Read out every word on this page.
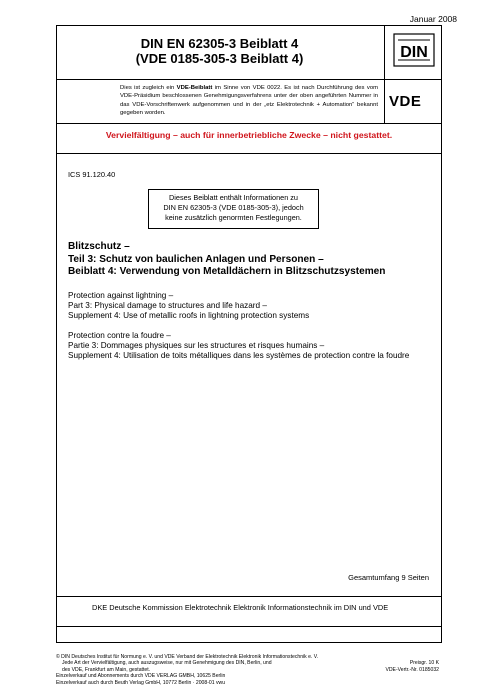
Januar 2008
DIN EN 62305-3 Beiblatt 4
(VDE 0185-305-3 Beiblatt 4)	DIN
VDE
Dies ist zugleich ein VDE-Beiblatt im Sinne von VDE 0022. Es ist nach Durchführung des vom VDE-Präsidium beschlossenen Genehmigungsverfahrens unter der oben angeführten Nummer in das VDE-Vorschriftenwerk aufgenommen und in der „etz Elektrotechnik + Automation“ bekannt gegeben worden.
Vervielfältigung – auch für innerbetriebliche Zwecke – nicht gestattet.
ICS 91.120.40
Dieses Beiblatt enthält Informationen zu
DIN EN 62305-3 (VDE 0185-305-3), jedoch
keine zusätzlich genormten Festlegungen.
Blitzschutz –
Teil 3: Schutz von baulichen Anlagen und Personen –
Beiblatt 4: Verwendung von Metalldächern in Blitzschutzsystemen
Protection against lightning –
Part 3: Physical damage to structures and life hazard –
Supplement 4: Use of metallic roofs in lightning protection systems
Protection contre la foudre –
Partie 3: Dommages physiques sur les structures et risques humains –
Supplement 4: Utilisation de toits métalliques dans les systèmes de protection contre la foudre
Gesamtumfang 9 Seiten
DKE Deutsche Kommission Elektrotechnik Elektronik Informationstechnik im DIN und VDE
© DIN Deutsches Institut für Normung e. V. und VDE Verband der Elektrotechnik Elektronik Informationstechnik e. V.
Jede Art der Vervielfältigung, auch auszugsweise, nur mit Genehmigung des DIN, Berlin, und
des VDE, Frankfurt am Main, gestattet.
Einzelverkauf und Abonnements durch VDE VERLAG GMBH, 10625 Berlin
Einzelverkauf auch durch Beuth Verlag GmbH, 10772 Berlin · 2008-01 vwu
Preisgr. 10 K
VDE-Vertr.-Nr. 0185032
